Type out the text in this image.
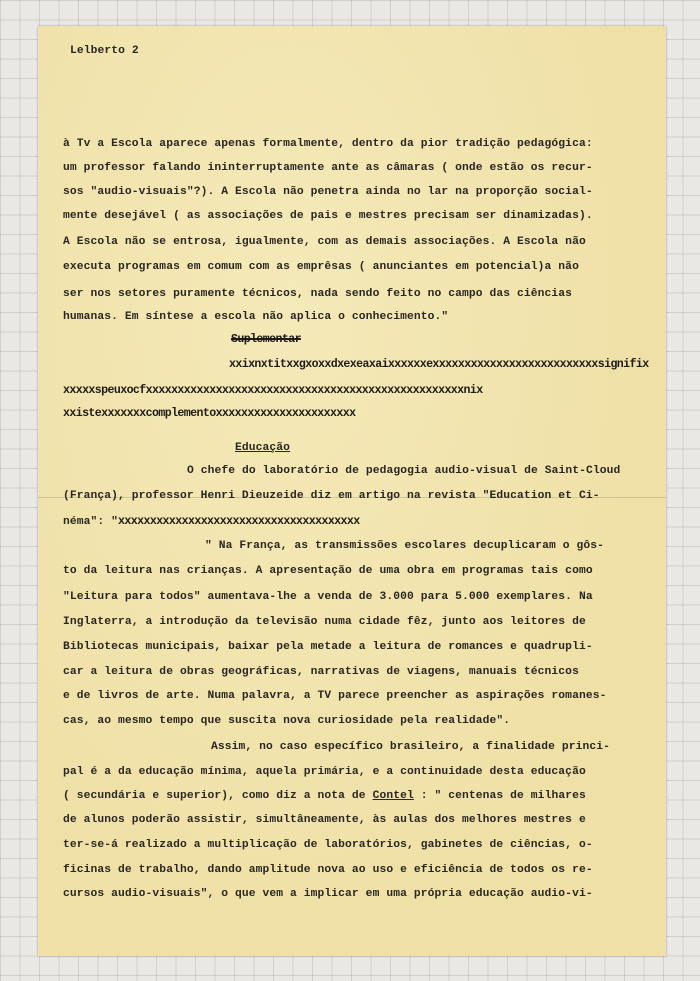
Lelberto 2

à Tv a Escola aparece apenas formalmente, dentro da pior tradição pedagógica:

um professor falando ininterruptamente ante as câmaras ( onde estão os recur-

sos "audio-visuais"?). A Escola não penetra ainda no lar na proporção social-

mente desejável ( as associações de pais e mestres precisam ser dinamizadas).

A Escola não se entrosa, igualmente, com as demais associações. A Escola não

executa programas em comum com as emprêsas ( anunciantes em potencial)a não

ser nos setores puramente técnicos, nada sendo feito no campo das ciências

humanas. Em síntese a escola não aplica o conhecimento."

Suplementar

xxixnxtitxxgxoxxdxexeaxaixxxxxxexxxxxxxxxxxxxxxxxxxxxxxxxxsignifix

xxxxxspeuxocfxxxxxxxxxxxxxxxxxxxxxxxxxxxxxxxxxxxxxxxxxxxxxxxxxxnix

xxistexxxxxxxcomplementoxxxxxxxxxxxxxxxxxxxxxx

Educação

O chefe do laboratório de pedagogia audio-visual de Saint-Cloud

(França), professor Henri Dieuzeide diz em artigo na revista "Education et Ci-

néma": "xxxxxxxxxxxxxxxxxxxxxxxxxxxxxxxxxxxxxx

" Na França, as transmissões escolares decuplicaram o gôs-

to da leitura nas crianças. A apresentação de uma obra em programas tais como

"Leitura para todos" aumentava-lhe a venda de 3.000 para 5.000 exemplares. Na

Inglaterra, a introdução da televisão numa cidade fêz, junto aos leitores de

Bibliotecas municipais, baixar pela metade a leitura de romances e quadrupli-

car a leitura de obras geográficas, narrativas de viagens, manuais técnicos

e de livros de arte. Numa palavra, a TV parece preencher as aspirações romanes-

cas, ao mesmo tempo que suscita nova curiosidade pela realidade".

Assim, no caso específico brasileiro, a finalidade princi-

pal é a da educação mínima, aquela primária, e a continuidade desta educação

( secundária e superior), como diz a nota de Contel : " centenas de milhares

de alunos poderão assistir, simultâneamente, às aulas dos melhores mestres e

ter-se-á realizado a multiplicação de laboratórios, gabinetes de ciências, o-

ficinas de trabalho, dando amplitude nova ao uso e eficiência de todos os re-

cursos audio-visuais", o que vem a implicar em uma própria educação audio-vi-
